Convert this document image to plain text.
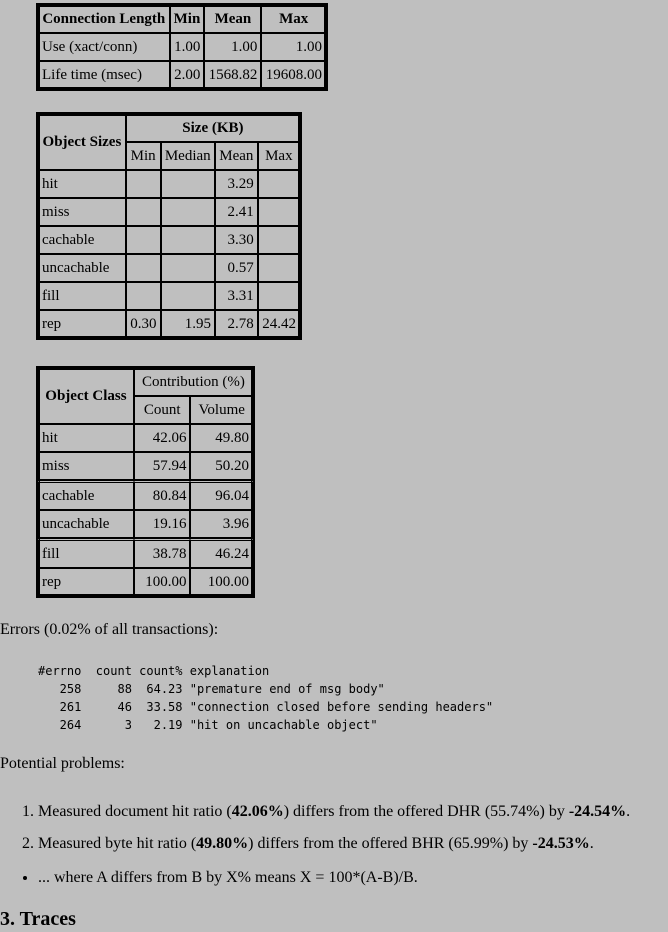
Connection Length	Min	Mean	Max
Use (xact/conn)	1.00	1.00	1.00
Life time (msec)	2.00	1568.82	19608.00
Object Sizes	Size (KB)			
	Min	Median	Mean	Max
hit			3.29	
miss			2.41	
cachable			3.30	
uncachable			0.57	
fill			3.31	
rep	0.30	1.95	2.78	24.42
Object Class	Contribution (%)	
	Count	Volume
hit	42.06	49.80
miss	57.94	50.20
cachable	80.84	96.04
uncachable	19.16	3.96
fill	38.78	46.24
rep	100.00	100.00
Errors (0.02% of all transactions):
#errno  count count% explanation
258     88  64.23 "premature end of msg body"
261     46  33.58 "connection closed before sending headers"
264      3   2.19 "hit on uncachable object"
Potential problems:
1. Measured document hit ratio (42.06%) differs from the offered DHR (55.74%) by -24.54%.
2. Measured byte hit ratio (49.80%) differs from the offered BHR (65.99%) by -24.53%.
• ... where A differs from B by X% means X = 100*(A-B)/B.
3. Traces
